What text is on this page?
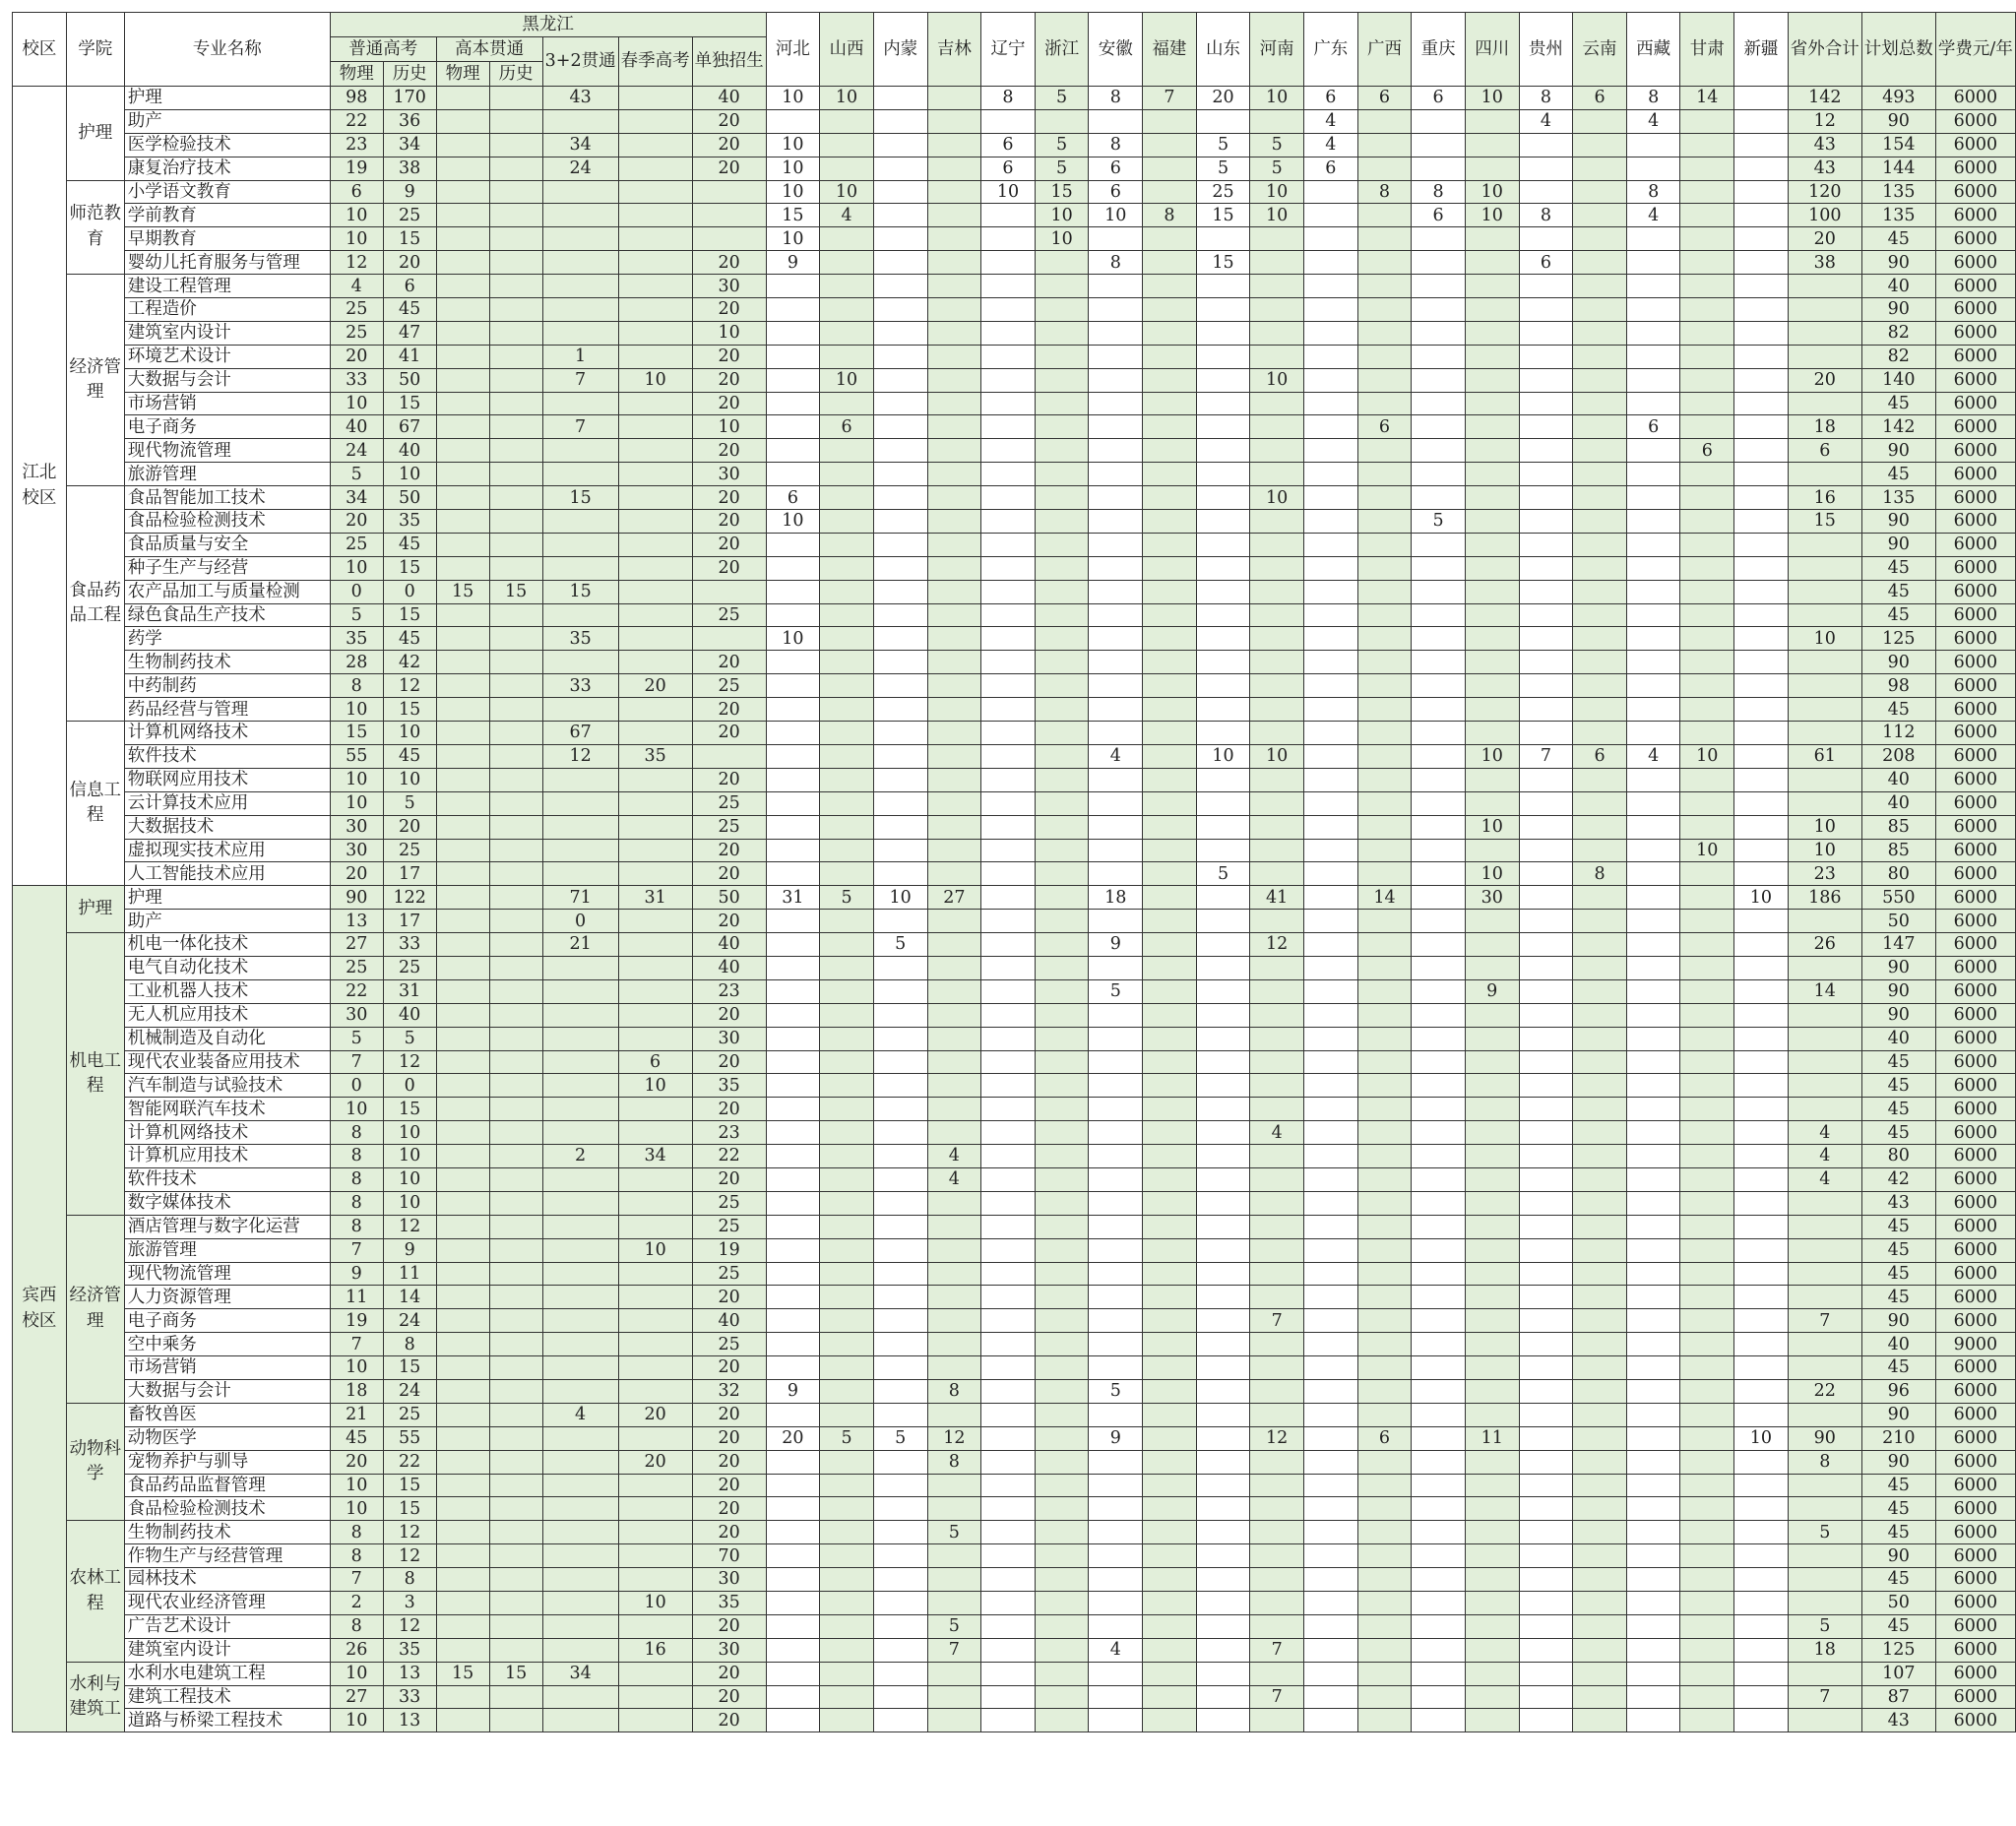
校区	学院	专业名称	黑龙江							河北	山西	内蒙	吉林	辽宁	浙江	安徽	福建	山东	河南	广东	广西	重庆	四川	贵州	云南	西藏	甘肃	新疆	省外合计	计划总数	学费元/年
			普通高考		高本贯通		3+2贯通	春季高考	单独招生																						
			物理	历史	物理	历史																									
江北校区	护理	护理	98	170			43		40	10	10			8	5	8	7	20	10	6	6	6	10	8	6	8	14		142	493	6000
		助产	22	36					20											4				4		4			12	90	6000
		医学检验技术	23	34			34		20	10				6	5	8		5	5	4									43	154	6000
		康复治疗技术	19	38			24		20	10				6	5	6		5	5	6									43	144	6000
	师范教育	小学语文教育	6	9						10	10			10	15	6		25	10		8	8	10			8			120	135	6000
		学前教育	10	25						15	4				10	10	8	15	10			6	10	8		4			100	135	6000
		早期教育	10	15						10					10														20	45	6000
		婴幼儿托育服务与管理	12	20					20	9						8		15						6					38	90	6000
	经济管理	建设工程管理	4	6					30																					40	6000
		工程造价	25	45					20																					90	6000
		建筑室内设计	25	47					10																					82	6000
		环境艺术设计	20	41			1		20																					82	6000
		大数据与会计	33	50			7	10	20		10								10										20	140	6000
		市场营销	10	15					20																					45	6000
		电子商务	40	67			7		10		6										6					6			18	142	6000
		现代物流管理	24	40					20																		6		6	90	6000
		旅游管理	5	10					30																					45	6000
	食品药品工程	食品智能加工技术	34	50			15		20	6									10										16	135	6000
		食品检验检测技术	20	35					20	10												5							15	90	6000
		食品质量与安全	25	45					20																					90	6000
		种子生产与经营	10	15					20																					45	6000
		农产品加工与质量检测	0	0	15	15	15																							45	6000
		绿色食品生产技术	5	15					25																					45	6000
		药学	35	45			35			10																			10	125	6000
		生物制药技术	28	42					20																					90	6000
		中药制药	8	12			33	20	25																					98	6000
		药品经营与管理	10	15					20																					45	6000
	信息工程	计算机网络技术	15	10			67		20																					112	6000
		软件技术	55	45			12	35								4		10	10				10	7	6	4	10		61	208	6000
		物联网应用技术	10	10					20																					40	6000
		云计算技术应用	10	5					25																					40	6000
		大数据技术	30	20					25														10						10	85	6000
		虚拟现实技术应用	30	25					20																		10		10	85	6000
		人工智能技术应用	20	17					20									5					10		8				23	80	6000
宾西校区	护理	护理	90	122			71	31	50	31	5	10	27			18			41		14		30					10	186	550	6000
		助产	13	17			0		20																					50	6000
	机电工程	机电一体化技术	27	33			21		40			5				9			12										26	147	6000
		电气自动化技术	25	25					40																					90	6000
		工业机器人技术	22	31					23							5							9						14	90	6000
		无人机应用技术	30	40					20																					90	6000
		机械制造及自动化	5	5					30																					40	6000
		现代农业装备应用技术	7	12				6	20																					45	6000
		汽车制造与试验技术	0	0				10	35																					45	6000
		智能网联汽车技术	10	15					20																					45	6000
		计算机网络技术	8	10					23										4										4	45	6000
		计算机应用技术	8	10			2	34	22				4																4	80	6000
		软件技术	8	10					20				4																4	42	6000
		数字媒体技术	8	10					25																					43	6000
	经济管理	酒店管理与数字化运营	8	12					25																					45	6000
		旅游管理	7	9				10	19																					45	6000
		现代物流管理	9	11					25																					45	6000
		人力资源管理	11	14					20																					45	6000
		电子商务	19	24					40										7										7	90	6000
		空中乘务	7	8					25																					40	9000
		市场营销	10	15					20																					45	6000
		大数据与会计	18	24					32	9			8			5													22	96	6000
	动物科学	畜牧兽医	21	25			4	20	20																					90	6000
		动物医学	45	55					20	20	5	5	12			9			12		6		11					10	90	210	6000
		宠物养护与驯导	20	22				20	20				8																8	90	6000
		食品药品监督管理	10	15					20																					45	6000
		食品检验检测技术	10	15					20																					45	6000
	农林工程	生物制药技术	8	12					20				5																5	45	6000
		作物生产与经营管理	8	12					70																					90	6000
		园林技术	7	8					30																					45	6000
		现代农业经济管理	2	3				10	35																					50	6000
		广告艺术设计	8	12					20				5																5	45	6000
		建筑室内设计	26	35				16	30				7			4			7										18	125	6000
	水利与建筑工	水利水电建筑工程	10	13	15	15	34		20																					107	6000
		建筑工程技术	27	33					20										7										7	87	6000
		道路与桥梁工程技术	10	13					20																					43	6000
